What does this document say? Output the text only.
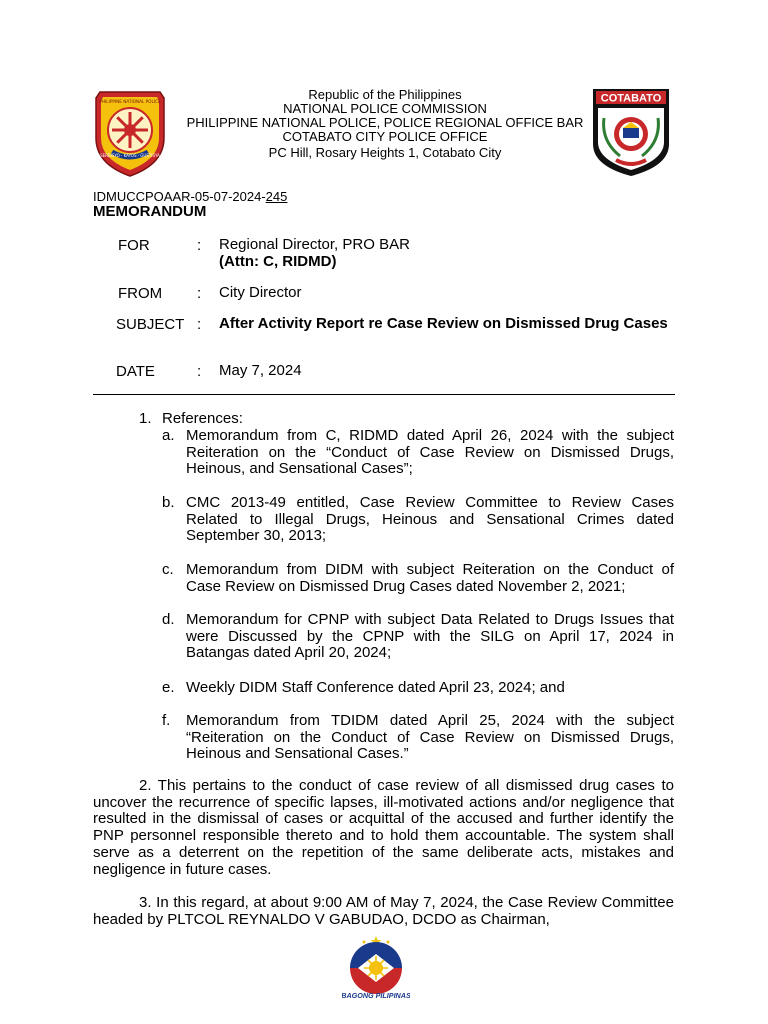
SERBISYO · KAYOS · GUSTISYA
PHILIPPINE NATIONAL POLICE	Republic of the Philippines
NATIONAL POLICE COMMISSION
PHILIPPINE NATIONAL POLICE, POLICE REGIONAL OFFICE BAR
COTABATO CITY POLICE OFFICE
PC Hill, Rosary Heights 1, Cotabato City
COTABATO
IDMUCCPOAAR-05-07-2024-245
MEMORANDUM
FOR	: Regional Director, PRO BAR
(Attn: C, RIDMD)
FROM : City Director
SUBJECT : After Activity Report re Case Review on Dismissed Drug Cases
DATE	: May 7, 2024
1. References:
a. Memorandum from C, RIDMD dated April 26, 2024 with the subject Reiteration on the “Conduct of Case Review on Dismissed Drugs, Heinous, and Sensational Cases”;
b. CMC 2013-49 entitled, Case Review Committee to Review Cases Related to Illegal Drugs, Heinous and Sensational Crimes dated September 30, 2013;
c. Memorandum from DIDM with subject Reiteration on the Conduct of Case Review on Dismissed Drug Cases dated November 2, 2021;
d. Memorandum for CPNP with subject Data Related to Drugs Issues that were Discussed by the CPNP with the SILG on April 17, 2024 in Batangas dated April 20, 2024;
e. Weekly DIDM Staff Conference dated April 23, 2024; and
f. Memorandum from TDIDM dated April 25, 2024 with the subject “Reiteration on the Conduct of Case Review on Dismissed Drugs, Heinous and Sensational Cases.”
2. This pertains to the conduct of case review of all dismissed drug cases to uncover the recurrence of specific lapses, ill-motivated actions and/or negligence that resulted in the dismissal of cases or acquittal of the accused and further identify the PNP personnel responsible thereto and to hold them accountable. The system shall serve as a deterrent on the repetition of the same deliberate acts, mistakes and negligence in future cases.
3. In this regard, at about 9:00 AM of May 7, 2024, the Case Review Committee headed by PLTCOL REYNALDO V GABUDAO, DCDO as Chairman,
BAGONG PILIPINAS
